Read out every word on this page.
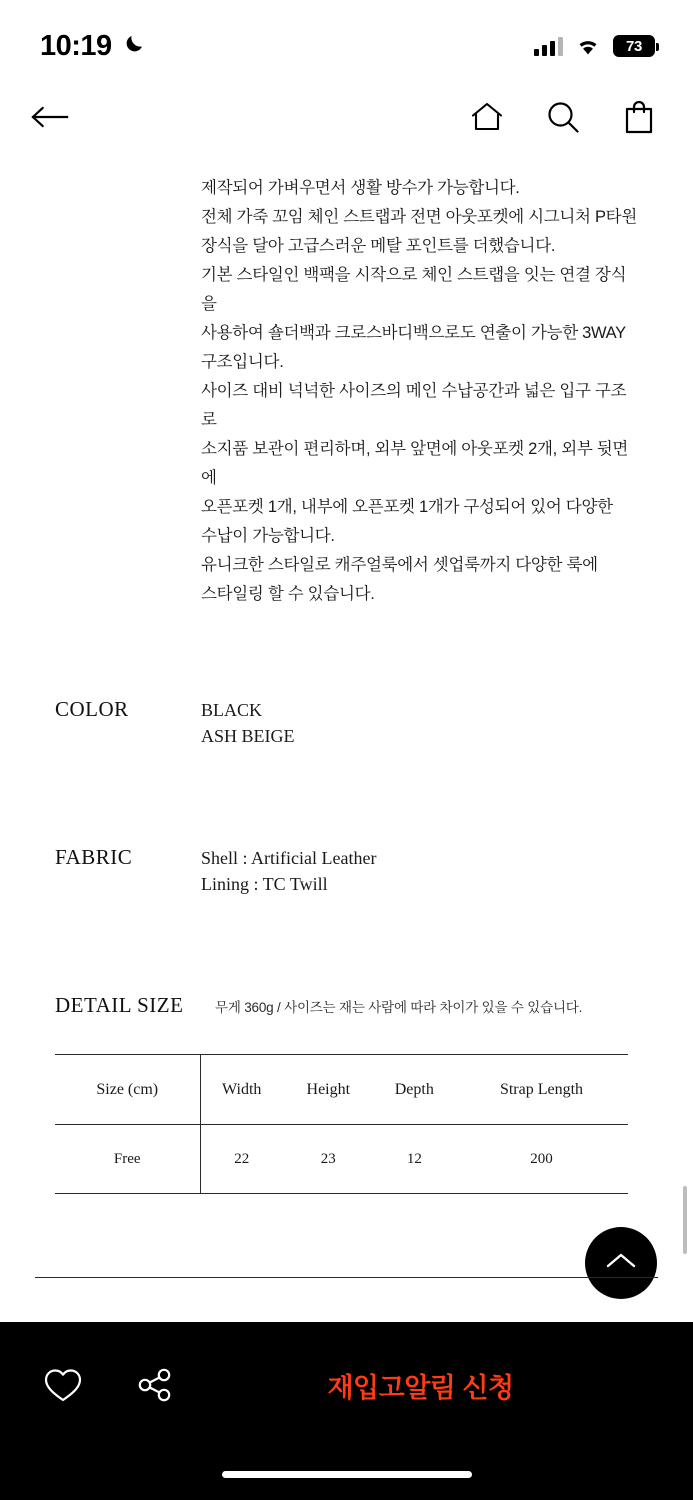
10:19	73

제작되어 가벼우면서 생활 방수가 가능합니다.

전체 가죽 꼬임 체인 스트랩과 전면 아웃포켓에 시그니처 P타원

장식을 달아 고급스러운 메탈 포인트를 더했습니다.

기본 스타일인 백팩을 시작으로 체인 스트랩을 잇는 연결 장식을

사용하여 숄더백과 크로스바디백으로도 연출이 가능한 3WAY

구조입니다.

사이즈 대비 넉넉한 사이즈의 메인 수납공간과 넓은 입구 구조로

소지품 보관이 편리하며, 외부 앞면에 아웃포켓 2개, 외부 뒷면에

오픈포켓 1개, 내부에 오픈포켓 1개가 구성되어 있어 다양한

수납이 가능합니다.

유니크한 스타일로 캐주얼룩에서 셋업룩까지 다양한 룩에

스타일링 할 수 있습니다.

COLOR	BLACK
ASH BEIGE
FABRIC	Shell : Artificial Leather
Lining : TC Twill
DETAIL SIZE	무게 360g / 사이즈는 재는 사람에 따라 차이가 있을 수 있습니다.
Size (cm)	Width	Height	Depth	Strap Length
Free	22	23	12	200
재입고알림 신청
